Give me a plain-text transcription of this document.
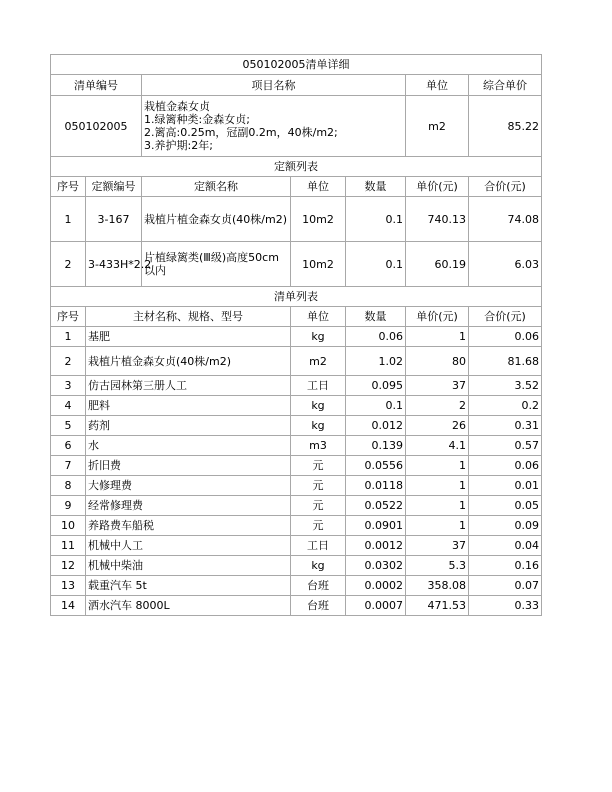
050102005清单详细						
清单编号		项目名称			单位	综合单价
050102005		栽植金森女贞
1.绿篱种类:金森女贞;
2.篱高:0.25m，冠副0.2m，40株/m2;
3.养护期:2年;			m2	85.22
定额列表						
序号	定额编号	定额名称	单位	数量	单价(元)	合价(元)
1	3-167	栽植片植金森女贞(40株/m2)	10m2	0.1	740.13	74.08
2	3-433H*2.2	片植绿篱类(Ⅲ级)高度50cm以内	10m2	0.1	60.19	6.03
清单列表						
序号	主材名称、规格、型号		单位	数量	单价(元)	合价(元)
1	基肥		kg	0.06	1	0.06
2	栽植片植金森女贞(40株/m2)		m2	1.02	80	81.68
3	仿古园林第三册人工		工日	0.095	37	3.52
4	肥料		kg	0.1	2	0.2
5	药剂		kg	0.012	26	0.31
6	水		m3	0.139	4.1	0.57
7	折旧费		元	0.0556	1	0.06
8	大修理费		元	0.0118	1	0.01
9	经常修理费		元	0.0522	1	0.05
10	养路费车船税		元	0.0901	1	0.09
11	机械中人工		工日	0.0012	37	0.04
12	机械中柴油		kg	0.0302	5.3	0.16
13	载重汽车 5t		台班	0.0002	358.08	0.07
14	洒水汽车 8000L		台班	0.0007	471.53	0.33
